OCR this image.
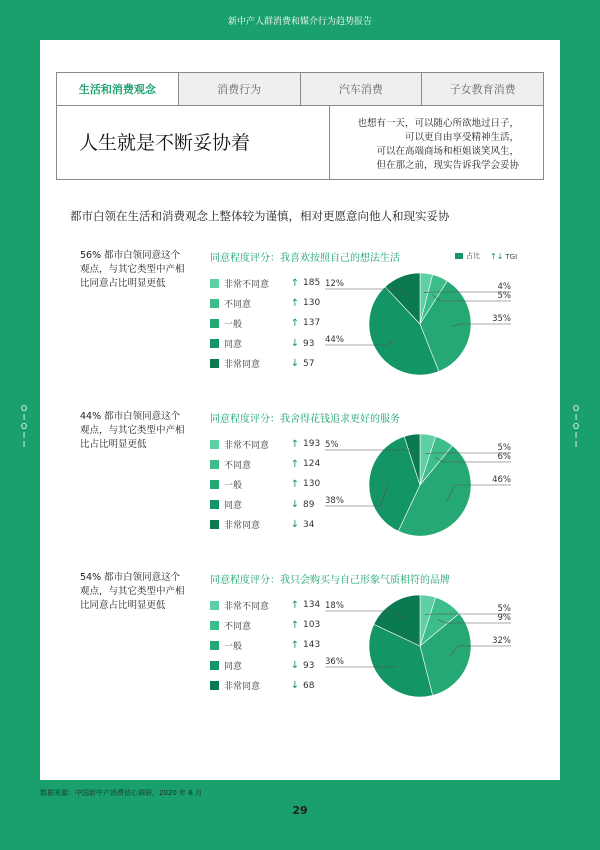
新中产人群消费和媒介行为趋势报告
O
I
O
I
I
O
I
O
I
I
生活和消费观念	消费行为	汽车消费	子女教育消费
人生就是不断妥协着
也想有一天，可以随心所欲地过日子，
可以更自由享受精神生活，
可以在高端商场和柜姐谈笑风生，
但在那之前，现实告诉我学会妥协
都市白领在生活和消费观念上整体较为谨慎，相对更愿意向他人和现实妥协
占比 ↑↓ TGI
56% 都市白领同意这个观点，与其它类型中产相比同意占比明显更低
同意程度评分：我喜欢按照自己的想法生活
非常不同意	↑ 185
不同意	↑ 130
一般	↑ 137
同意	↓ 93
非常同意	↓ 57
4%
5%
35%
44%
12%
44% 都市白领同意这个观点，与其它类型中产相比占比明显更低
同意程度评分：我舍得花钱追求更好的服务
非常不同意	↑ 193
不同意	↑ 124
一般	↑ 130
同意	↓ 89
非常同意	↓ 34
5%
6%
46%
38%
5%
54% 都市白领同意这个观点，与其它类型中产相比同意占比明显更低
同意程度评分：我只会购买与自己形象气质相符的品牌
非常不同意	↑ 134
不同意	↑ 103
一般	↑ 143
同意	↓ 93
非常同意	↓ 68
5%
9%
32%
36%
18%
数据来源：中国新中产消费信心调研，2020 年 6 月
29
